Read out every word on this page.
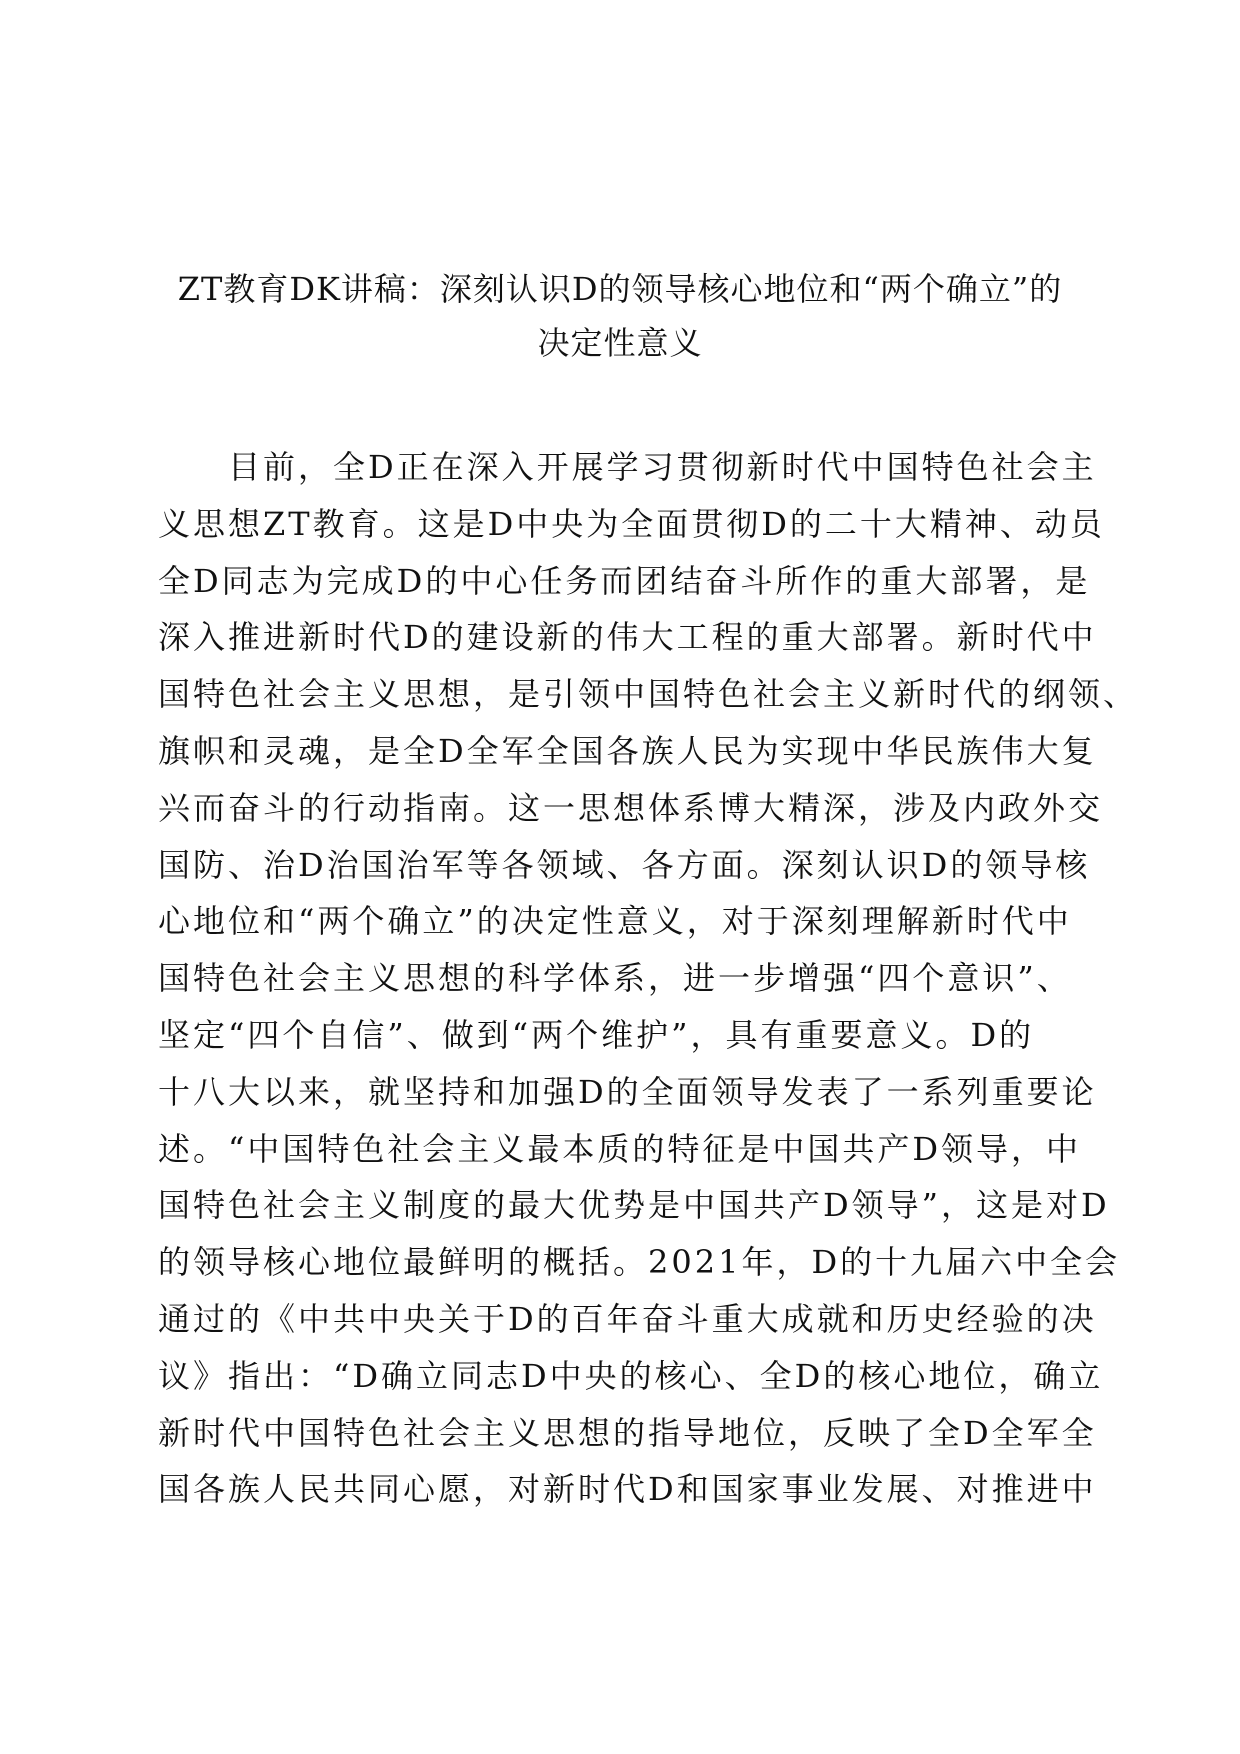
ZT教育DK讲稿：深刻认识D的领导核心地位和“两个确立”的
决定性意义
　　目前，全D正在深入开展学习贯彻新时代中国特色社会主
义思想ZT教育。这是D中央为全面贯彻D的二十大精神、动员
全D同志为完成D的中心任务而团结奋斗所作的重大部署，是
深入推进新时代D的建设新的伟大工程的重大部署。新时代中
国特色社会主义思想，是引领中国特色社会主义新时代的纲领、
旗帜和灵魂，是全D全军全国各族人民为实现中华民族伟大复
兴而奋斗的行动指南。这一思想体系博大精深，涉及内政外交
国防、治D治国治军等各领域、各方面。深刻认识D的领导核
心地位和“两个确立”的决定性意义，对于深刻理解新时代中
国特色社会主义思想的科学体系，进一步增强“四个意识”、
坚定“四个自信”、做到“两个维护”，具有重要意义。D的
十八大以来，就坚持和加强D的全面领导发表了一系列重要论
述。“中国特色社会主义最本质的特征是中国共产D领导，中
国特色社会主义制度的最大优势是中国共产D领导”，这是对D
的领导核心地位最鲜明的概括。2021年，D的十九届六中全会
通过的《中共中央关于D的百年奋斗重大成就和历史经验的决
议》指出：“D确立同志D中央的核心、全D的核心地位，确立
新时代中国特色社会主义思想的指导地位，反映了全D全军全
国各族人民共同心愿，对新时代D和国家事业发展、对推进中
